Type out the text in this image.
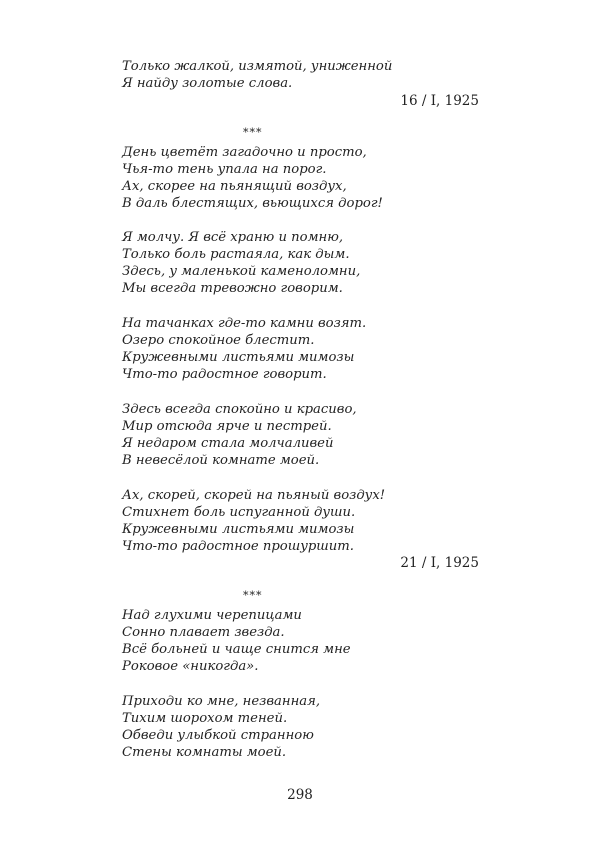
Только жалкой, измятой, униженной
Я найду золотые слова.
16 / I, 1925
***
День цветёт загадочно и просто,
Чья-то тень упала на порог.
Ах, скорее на пьянящий воздух,
В даль блестящих, вьющихся дорог!
Я молчу. Я всё храню и помню,
Только боль растаяла, как дым.
Здесь, у маленькой каменоломни,
Мы всегда тревожно говорим.
На тачанках где-то камни возят.
Озеро спокойное блестит.
Кружевными листьями мимозы
Что-то радостное говорит.
Здесь всегда спокойно и красиво,
Мир отсюда ярче и пестрей.
Я недаром стала молчаливей
В невесёлой комнате моей.
Ах, скорей, скорей на пьяный воздух!
Стихнет боль испуганной души.
Кружевными листьями мимозы
Что-то радостное прошуршит.
21 / I, 1925
***
Над глухими черепицами
Сонно плавает звезда.
Всё больней и чаще снится мне
Роковое «никогда».
Приходи ко мне, незванная,
Тихим шорохом теней.
Обведи улыбкой странною
Стены комнаты моей.
298
